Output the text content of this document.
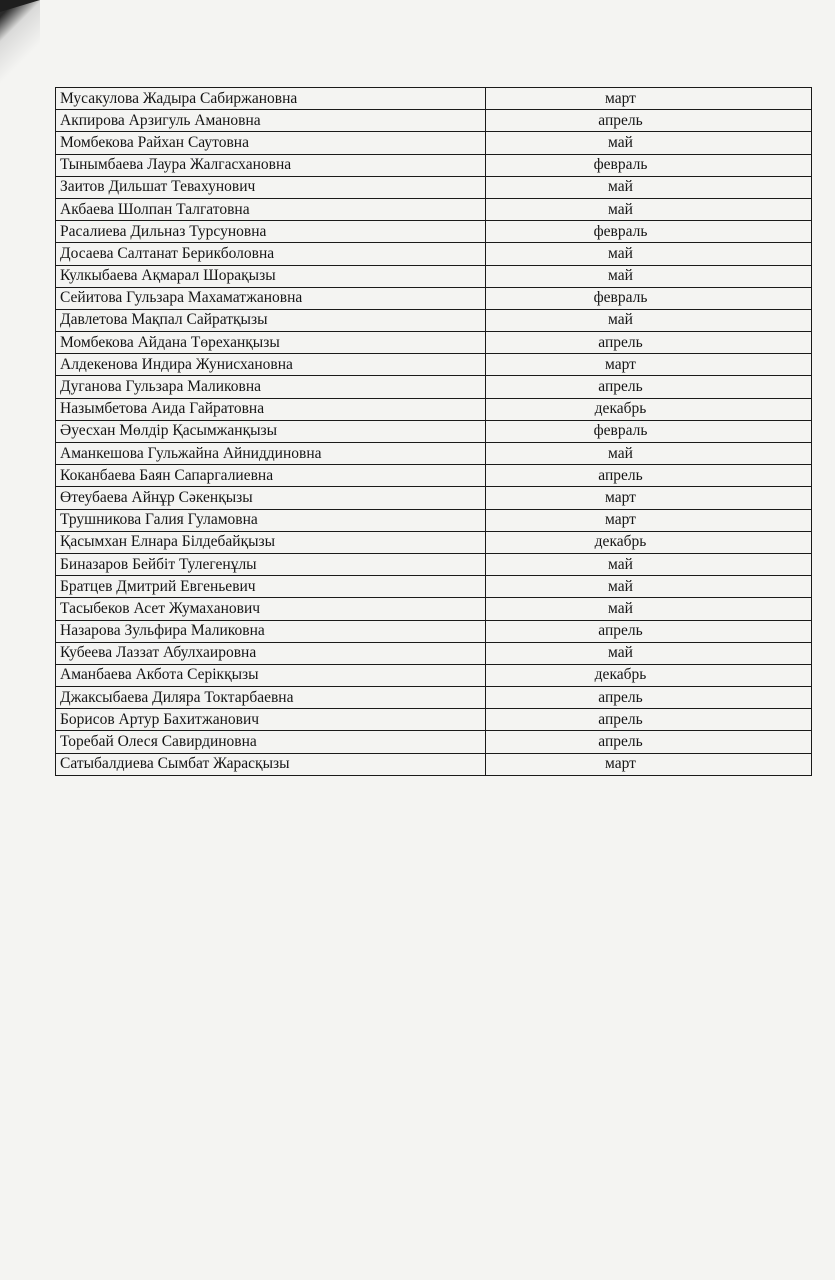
Мусакулова Жадыра Сабиржановна	март
Акпирова Арзигуль Амановна	апрель
Момбекова Райхан Саутовна	май
Тынымбаева Лаура Жалгасхановна	февраль
Заитов Дильшат Тевахунович	май
Акбаева Шолпан Талгатовна	май
Расалиева Дильназ Турсуновна	февраль
Досаева Салтанат Берикболовна	май
Кулкыбаева Ақмарал Шорақызы	май
Сейитова Гульзара Махаматжановна	февраль
Давлетова Мақпал Сайратқызы	май
Момбекова Айдана Төреханқызы	апрель
Алдекенова Индира Жунисхановна	март
Дуганова Гульзара Маликовна	апрель
Назымбетова Аида Гайратовна	декабрь
Әуесхан Мөлдір Қасымжанқызы	февраль
Аманкешова Гульжайна Айниддиновна	май
Коканбаева Баян Сапаргалиевна	апрель
Өтеубаева Айнұр Сәкенқызы	март
Трушникова Галия Гуламовна	март
Қасымхан Елнара Білдебайқызы	декабрь
Биназаров Бейбіт Тулегенұлы	май
Братцев Дмитрий Евгеньевич	май
Тасыбеков Асет Жумаханович	май
Назарова Зульфира Маликовна	апрель
Кубеева Лаззат Абулхаировна	май
Аманбаева Акбота Серікқызы	декабрь
Джаксыбаева Диляра Токтарбаевна	апрель
Борисов Артур Бахитжанович	апрель
Торебай Олеся Савирдиновна	апрель
Сатыбалдиева Сымбат Жарасқызы	март
